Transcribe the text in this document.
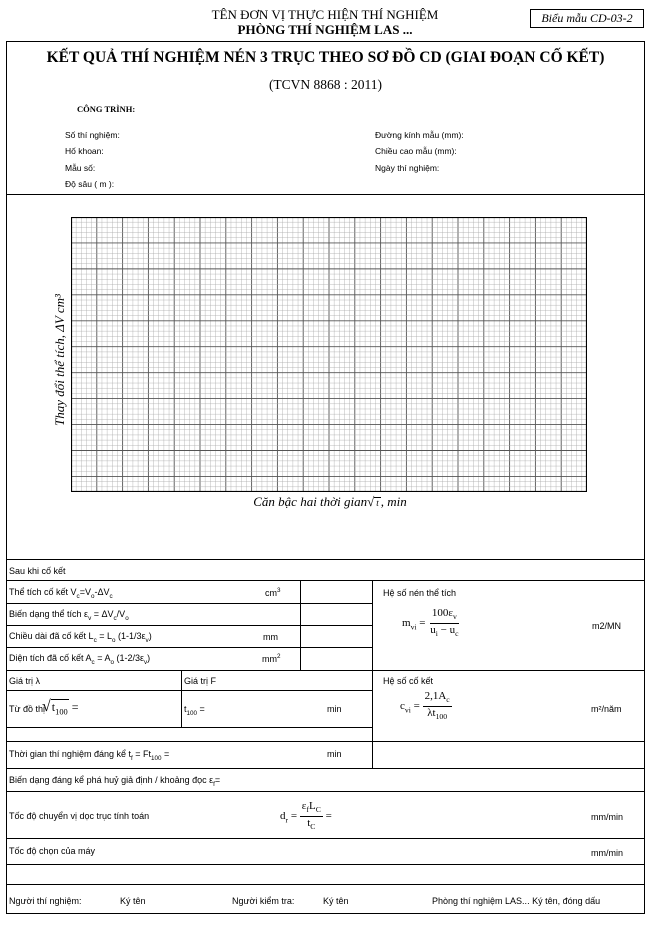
TÊN ĐƠN VỊ THỰC HIỆN THÍ NGHIỆM
PHÒNG THÍ NGHIỆM LAS ...
Biểu mẫu CD-03-2
KẾT QUẢ THÍ NGHIỆM NÉN 3 TRỤC THEO SƠ ĐỒ CD (GIAI ĐOẠN CỐ KẾT)
(TCVN 8868 : 2011)
CÔNG TRÌNH:
Số thí nghiệm:
Hố khoan:
Mẫu số:
Độ sâu ( m ):
Đường kính mẫu (mm):
Chiều cao mẫu (mm):
Ngày thí nghiệm:
Thay đổi thể tích, ΔV cm³
Căn bậc hai thời gian√ t , min
Sau khi cố kết
Thể tích cố kết $V_c=V_o-\Delta V_c$	$cm^3$
Biến dạng thể tích $\varepsilon_v = \Delta V_c/V_o$
Chiều dài đã cố kết $L_c = L_o$ $(1-1/3\varepsilon_v)$	mm
Diện tích đã cố kết $A_c = A_o$ $(1-2/3\varepsilon_v)$	$mm^2$
Hệ số nén thể tích
$m_{vi} = \frac{100\varepsilon_v}{u_i - u_c}$	m2/MN
Giá trị λ	Giá trị F
Từ đồ thị
$√t_{100}$ =	$t_{100}$ =	min
Hệ số cố kết
$c_{vi} = \frac{2,1A_c}{\lambda t_{100}}$	m²/năm
Thời gian thí nghiệm đáng kể $t_f = Ft_{100}$ =	min
Biến dạng đáng kể phá huỷ giả định / khoảng đọc $\varepsilon_f=$
Tốc độ chuyển vị dọc trục tính toán	$d_r = \frac{\varepsilon_fL_C}{t_C}$ =	mm/min
Tốc độ chọn của máy	mm/min
Người thí nghiệm:	Ký tên	Người kiểm tra:	Ký tên	Phòng thí nghiệm LAS... Ký tên, đóng dấu
